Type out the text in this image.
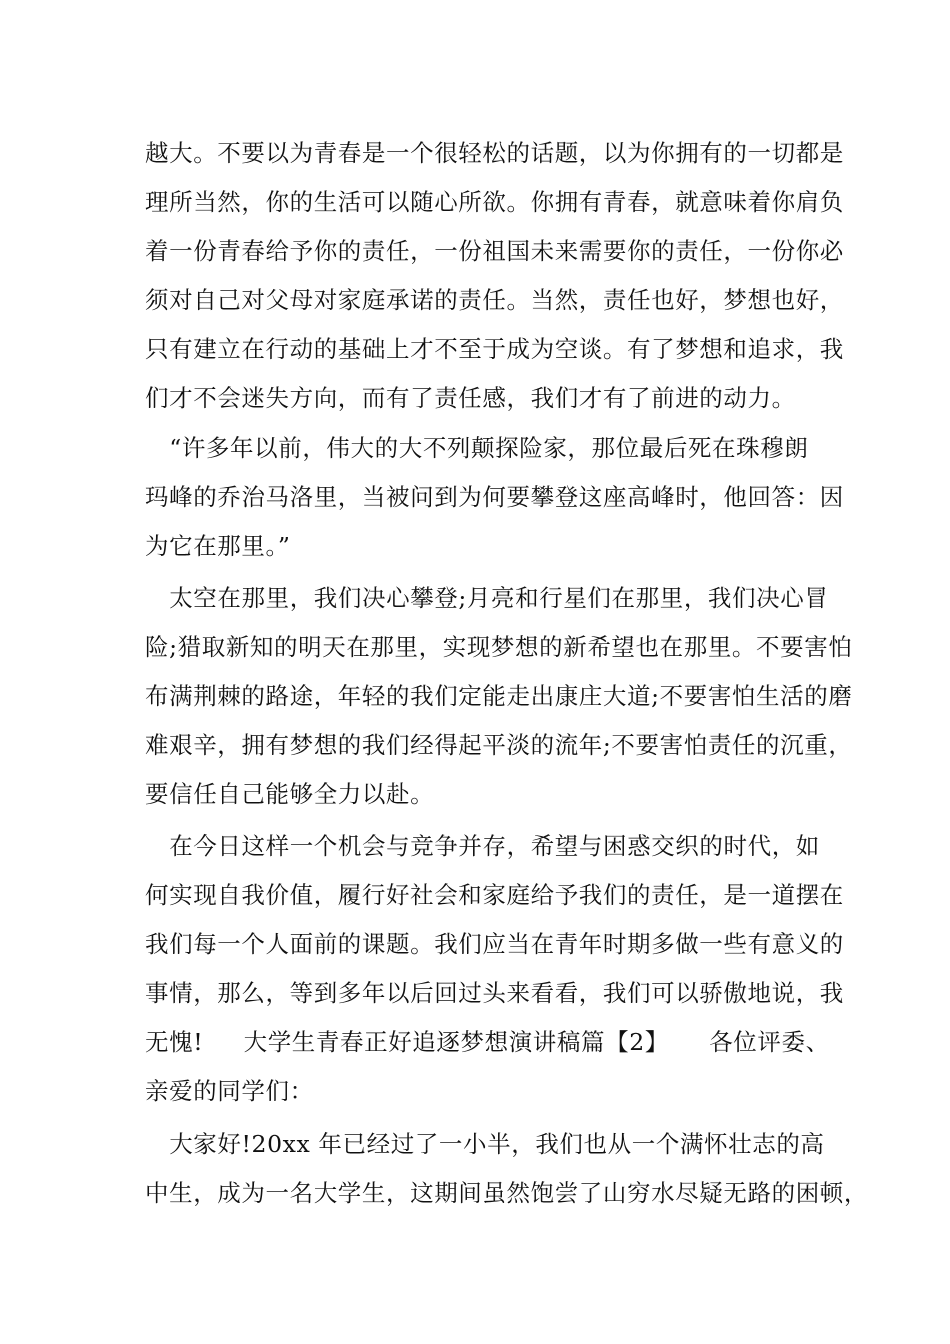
越大。不要以为青春是一个很轻松的话题，以为你拥有的一切都是
理所当然，你的生活可以随心所欲。你拥有青春，就意味着你肩负
着一份青春给予你的责任，一份祖国未来需要你的责任，一份你必
须对自己对父母对家庭承诺的责任。当然，责任也好，梦想也好，
只有建立在行动的基础上才不至于成为空谈。有了梦想和追求，我
们才不会迷失方向，而有了责任感，我们才有了前进的动力。
“许多年以前，伟大的大不列颠探险家，那位最后死在珠穆朗
玛峰的乔治马洛里，当被问到为何要攀登这座高峰时，他回答：因
为它在那里。”
太空在那里，我们决心攀登;月亮和行星们在那里，我们决心冒
险;猎取新知的明天在那里，实现梦想的新希望也在那里。不要害怕
布满荆棘的路途，年轻的我们定能走出康庄大道;不要害怕生活的磨
难艰辛，拥有梦想的我们经得起平淡的流年;不要害怕责任的沉重，
要信任自己能够全力以赴。
在今日这样一个机会与竞争并存，希望与困惑交织的时代，如
何实现自我价值，履行好社会和家庭给予我们的责任，是一道摆在
我们每一个人面前的课题。我们应当在青年时期多做一些有意义的
事情，那么，等到多年以后回过头来看看，我们可以骄傲地说，我
无愧!     大学生青春正好追逐梦想演讲稿篇【2】     各位评委、
亲爱的同学们：
大家好!20xx 年已经过了一小半，我们也从一个满怀壮志的高
中生，成为一名大学生，这期间虽然饱尝了山穷水尽疑无路的困顿，
